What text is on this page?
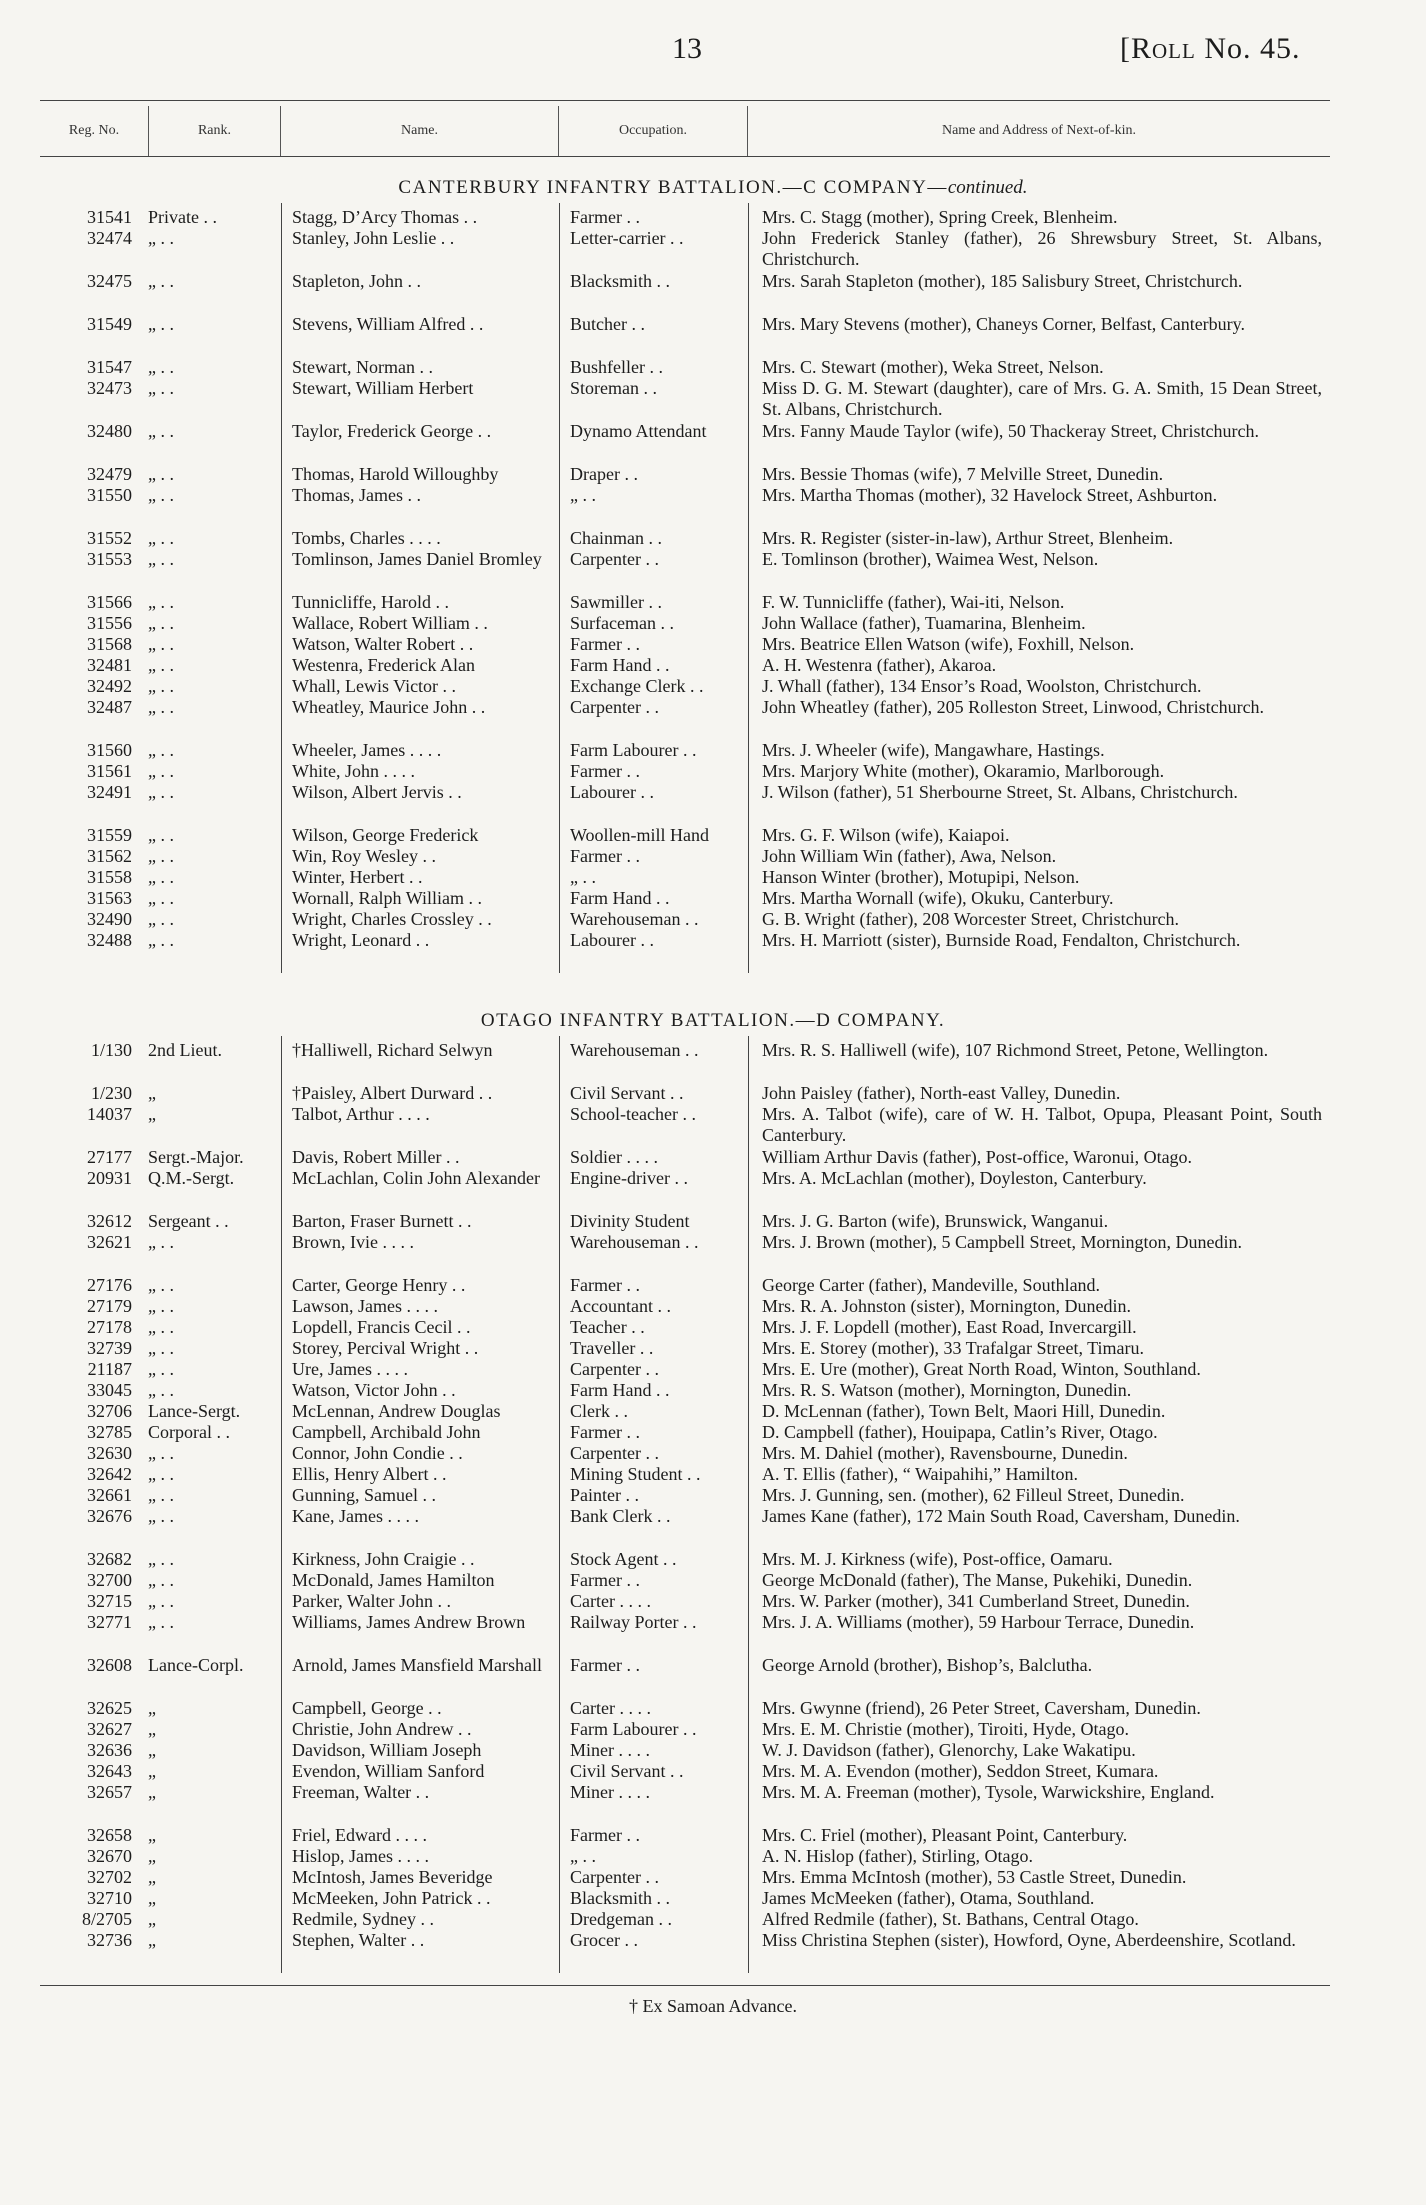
13	[Roll No. 45.
Reg. No.	Rank.	Name.	Occupation.	Name and Address of Next-of-kin.
CANTERBURY INFANTRY BATTALION.—C COMPANY—continued.
31541 Private . .	Stagg, D’Arcy Thomas . .	Farmer . .	Mrs. C. Stagg (mother), Spring Creek, Blenheim.
32474 „ . .	Stanley, John Leslie . .	Letter-carrier . .	John Frederick Stanley (father), 26 Shrewsbury Street, St. Albans, Christchurch.
32475 „ . .	Stapleton, John . .	Blacksmith . .	Mrs. Sarah Stapleton (mother), 185 Salisbury Street, Christchurch.
31549 „ . .	Stevens, William Alfred . .	Butcher . .	Mrs. Mary Stevens (mother), Chaneys Corner, Belfast, Canterbury.
31547 „ . .	Stewart, Norman . .	Bushfeller . .	Mrs. C. Stewart (mother), Weka Street, Nelson.
32473 „ . .	Stewart, William Herbert	Storeman . .	Miss D. G. M. Stewart (daughter), care of Mrs. G. A. Smith, 15 Dean Street, St. Albans, Christchurch.
32480 „ . .	Taylor, Frederick George . .	Dynamo Attendant	Mrs. Fanny Maude Taylor (wife), 50 Thackeray Street, Christchurch.
32479 „ . .	Thomas, Harold Willoughby	Draper . .	Mrs. Bessie Thomas (wife), 7 Melville Street, Dunedin.
31550 „ . .	Thomas, James . .	„ . .	Mrs. Martha Thomas (mother), 32 Havelock Street, Ashburton.
31552 „ . .	Tombs, Charles . . . .	Chainman . .	Mrs. R. Register (sister-in-law), Arthur Street, Blenheim.
31553 „ . .	Tomlinson, James Daniel Bromley	Carpenter . .	E. Tomlinson (brother), Waimea West, Nelson.
31566 „ . .	Tunnicliffe, Harold . .	Sawmiller . .	F. W. Tunnicliffe (father), Wai-iti, Nelson.
31556 „ . .	Wallace, Robert William . .	Surfaceman . .	John Wallace (father), Tuamarina, Blenheim.
31568 „ . .	Watson, Walter Robert . .	Farmer . .	Mrs. Beatrice Ellen Watson (wife), Foxhill, Nelson.
32481 „ . .	Westenra, Frederick Alan	Farm Hand . .	A. H. Westenra (father), Akaroa.
32492 „ . .	Whall, Lewis Victor . .	Exchange Clerk . .	J. Whall (father), 134 Ensor’s Road, Woolston, Christchurch.
32487 „ . .	Wheatley, Maurice John . .	Carpenter . .	John Wheatley (father), 205 Rolleston Street, Linwood, Christchurch.
31560 „ . .	Wheeler, James . . . .	Farm Labourer . .	Mrs. J. Wheeler (wife), Mangawhare, Hastings.
31561 „ . .	White, John . . . .	Farmer . .	Mrs. Marjory White (mother), Okaramio, Marlborough.
32491 „ . .	Wilson, Albert Jervis . .	Labourer . .	J. Wilson (father), 51 Sherbourne Street, St. Albans, Christchurch.
31559 „ . .	Wilson, George Frederick	Woollen-mill Hand	Mrs. G. F. Wilson (wife), Kaiapoi.
31562 „ . .	Win, Roy Wesley . .	Farmer . .	John William Win (father), Awa, Nelson.
31558 „ . .	Winter, Herbert . .	„ . .	Hanson Winter (brother), Motupipi, Nelson.
31563 „ . .	Wornall, Ralph William . .	Farm Hand . .	Mrs. Martha Wornall (wife), Okuku, Canterbury.
32490 „ . .	Wright, Charles Crossley . .	Warehouseman . .	G. B. Wright (father), 208 Worcester Street, Christchurch.
32488 „ . .	Wright, Leonard . .	Labourer . .	Mrs. H. Marriott (sister), Burnside Road, Fendalton, Christchurch.
OTAGO INFANTRY BATTALION.—D COMPANY.
1/130 2nd Lieut.	†Halliwell, Richard Selwyn	Warehouseman . .	Mrs. R. S. Halliwell (wife), 107 Richmond Street, Petone, Wellington.
1/230 „	†Paisley, Albert Durward . .	Civil Servant . .	John Paisley (father), North-east Valley, Dunedin.
14037 „	Talbot, Arthur . . . .	School-teacher . .	Mrs. A. Talbot (wife), care of W. H. Talbot, Opupa, Pleasant Point, South Canterbury.
27177 Sergt.-Major.	Davis, Robert Miller . .	Soldier . . . .	William Arthur Davis (father), Post-office, Waronui, Otago.
20931 Q.M.-Sergt.	McLachlan, Colin John Alexander	Engine-driver . .	Mrs. A. McLachlan (mother), Doyleston, Canterbury.
32612 Sergeant . .	Barton, Fraser Burnett . .	Divinity Student	Mrs. J. G. Barton (wife), Brunswick, Wanganui.
32621 „ . .	Brown, Ivie . . . .	Warehouseman . .	Mrs. J. Brown (mother), 5 Campbell Street, Mornington, Dunedin.
27176 „ . .	Carter, George Henry . .	Farmer . .	George Carter (father), Mandeville, Southland.
27179 „ . .	Lawson, James . . . .	Accountant . .	Mrs. R. A. Johnston (sister), Mornington, Dunedin.
27178 „ . .	Lopdell, Francis Cecil . .	Teacher . .	Mrs. J. F. Lopdell (mother), East Road, Invercargill.
32739 „ . .	Storey, Percival Wright . .	Traveller . .	Mrs. E. Storey (mother), 33 Trafalgar Street, Timaru.
21187 „ . .	Ure, James . . . .	Carpenter . .	Mrs. E. Ure (mother), Great North Road, Winton, Southland.
33045 „ . .	Watson, Victor John . .	Farm Hand . .	Mrs. R. S. Watson (mother), Mornington, Dunedin.
32706 Lance-Sergt.	McLennan, Andrew Douglas	Clerk . .	D. McLennan (father), Town Belt, Maori Hill, Dunedin.
32785 Corporal . .	Campbell, Archibald John	Farmer . .	D. Campbell (father), Houipapa, Catlin’s River, Otago.
32630 „ . .	Connor, John Condie . .	Carpenter . .	Mrs. M. Dahiel (mother), Ravensbourne, Dunedin.
32642 „ . .	Ellis, Henry Albert . .	Mining Student . .	A. T. Ellis (father), “ Waipahihi,” Hamilton.
32661 „ . .	Gunning, Samuel . .	Painter . .	Mrs. J. Gunning, sen. (mother), 62 Filleul Street, Dunedin.
32676 „ . .	Kane, James . . . .	Bank Clerk . .	James Kane (father), 172 Main South Road, Caversham, Dunedin.
32682 „ . .	Kirkness, John Craigie . .	Stock Agent . .	Mrs. M. J. Kirkness (wife), Post-office, Oamaru.
32700 „ . .	McDonald, James Hamilton	Farmer . .	George McDonald (father), The Manse, Pukehiki, Dunedin.
32715 „ . .	Parker, Walter John . .	Carter . . . .	Mrs. W. Parker (mother), 341 Cumberland Street, Dunedin.
32771 „ . .	Williams, James Andrew Brown	Railway Porter . .	Mrs. J. A. Williams (mother), 59 Harbour Terrace, Dunedin.
32608 Lance-Corpl.	Arnold, James Mansfield Marshall	Farmer . .	George Arnold (brother), Bishop’s, Balclutha.
32625 „	Campbell, George . .	Carter . . . .	Mrs. Gwynne (friend), 26 Peter Street, Caversham, Dunedin.
32627 „	Christie, John Andrew . .	Farm Labourer . .	Mrs. E. M. Christie (mother), Tiroiti, Hyde, Otago.
32636 „	Davidson, William Joseph	Miner . . . .	W. J. Davidson (father), Glenorchy, Lake Wakatipu.
32643 „	Evendon, William Sanford	Civil Servant . .	Mrs. M. A. Evendon (mother), Seddon Street, Kumara.
32657 „	Freeman, Walter . .	Miner . . . .	Mrs. M. A. Freeman (mother), Tysole, Warwickshire, England.
32658 „	Friel, Edward . . . .	Farmer . .	Mrs. C. Friel (mother), Pleasant Point, Canterbury.
32670 „	Hislop, James . . . .	„ . .	A. N. Hislop (father), Stirling, Otago.
32702 „	McIntosh, James Beveridge	Carpenter . .	Mrs. Emma McIntosh (mother), 53 Castle Street, Dunedin.
32710 „	McMeeken, John Patrick . .	Blacksmith . .	James McMeeken (father), Otama, Southland.
8/2705 „	Redmile, Sydney . .	Dredgeman . .	Alfred Redmile (father), St. Bathans, Central Otago.
32736 „	Stephen, Walter . .	Grocer . .	Miss Christina Stephen (sister), Howford, Oyne, Aberdeenshire, Scotland.
† Ex Samoan Advance.
